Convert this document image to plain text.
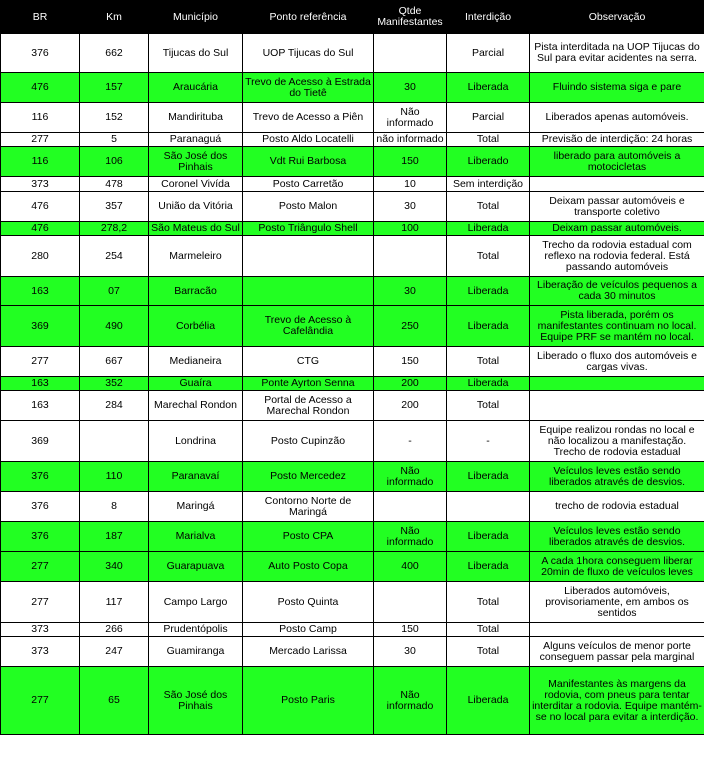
BR	Km	Município	Ponto referência	Qtde Manifestantes	Interdição	Observação
376	662	Tijucas do Sul	UOP Tijucas do Sul		Parcial	Pista interditada na UOP Tijucas do Sul para evitar acidentes na serra.
476	157	Araucária	Trevo de Acesso à Estrada do Tietê	30	Liberada	Fluindo sistema siga e pare
116	152	Mandirituba	Trevo de Acesso a Piên	Não informado	Parcial	Liberados apenas automóveis.
277	5	Paranaguá	Posto Aldo Locatelli	não informado	Total	Previsão de interdição: 24 horas
116	106	São José dos Pinhais	Vdt Rui Barbosa	150	Liberado	liberado para automóveis a motocicletas
373	478	Coronel Vivída	Posto Carretão	10	Sem interdição	
476	357	União da Vitória	Posto Malon	30	Total	Deixam passar automóveis e transporte coletivo
476	278,2	São Mateus do Sul	Posto Triângulo Shell	100	Liberada	Deixam passar automóveis.
280	254	Marmeleiro			Total	Trecho da rodovia estadual com reflexo na rodovia federal. Está passando automóveis
163	07	Barracão		30	Liberada	Liberação de veículos pequenos a cada 30 minutos
369	490	Corbélia	Trevo de Acesso à Cafelândia	250	Liberada	Pista liberada, porém os manifestantes continuam no local. Equipe PRF se mantém no local.
277	667	Medianeira	CTG	150	Total	Liberado o fluxo dos automóveis e cargas vivas.
163	352	Guaíra	Ponte Ayrton Senna	200	Liberada	
163	284	Marechal Rondon	Portal de Acesso a Marechal Rondon	200	Total	
369		Londrina	Posto Cupinzão	-	-	Equipe realizou rondas no local e não localizou a manifestação. Trecho de rodovia estadual
376	110	Paranavaí	Posto Mercedez	Não informado	Liberada	Veículos leves estão sendo liberados através de desvios.
376	8	Maringá	Contorno Norte de Maringá			trecho de rodovia estadual
376	187	Marialva	Posto CPA	Não informado	Liberada	Veículos leves estão sendo liberados através de desvios.
277	340	Guarapuava	Auto Posto Copa	400	Liberada	A cada 1hora conseguem liberar 20min de fluxo de veículos leves
277	117	Campo Largo	Posto Quinta		Total	Liberados automóveis, provisoriamente, em ambos os sentidos
373	266	Prudentópolis	Posto Camp	150	Total	
373	247	Guamiranga	Mercado Larissa	30	Total	Alguns veículos de menor porte conseguem passar pela marginal
277	65	São José dos Pinhais	Posto Paris	Não informado	Liberada	Manifestantes às margens da rodovia, com pneus para tentar interditar a rodovia. Equipe mantém-se no local para evitar a interdição.
